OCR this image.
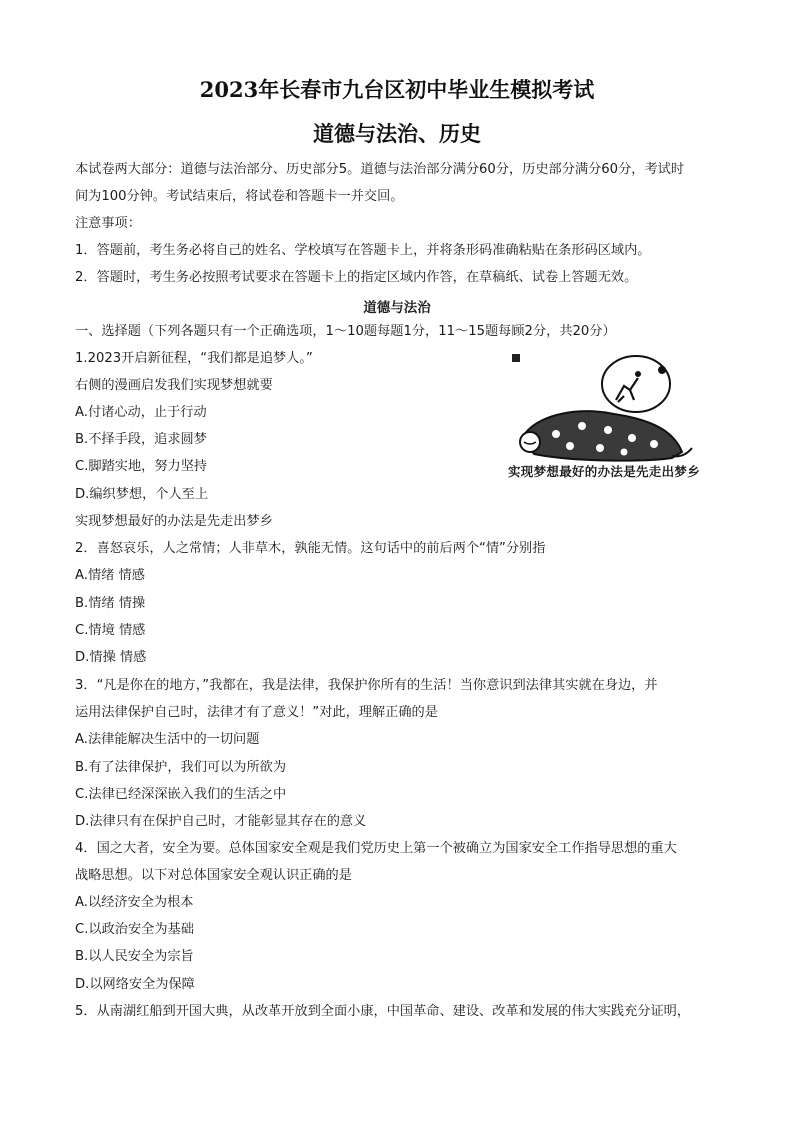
2023年长春市九台区初中毕业生模拟考试
道德与法治、历史
本试卷两大部分：道德与法治部分、历史部分5。道德与法治部分满分60分，历史部分满分60分，考试时
间为100分钟。考试结束后，将试卷和答题卡一并交回。
注意事项：
1．答题前，考生务必将自己的姓名、学校填写在答题卡上，并将条形码准确粘贴在条形码区域内。
2．答题时，考生务必按照考试要求在答题卡上的指定区域内作答，在草稿纸、试卷上答题无效。
道德与法治
一、选择题（下列各题只有一个正确选项，1～10题每题1分，11～15题每顾2分，共20分）
1.2023开启新征程，“我们都是追梦人。”
右侧的漫画启发我们实现梦想就要
A.付诸心动，止于行动
B.不择手段，追求圆梦
C.脚踏实地，努力坚持
D.编织梦想，个人至上
实现梦想最好的办法是先走出梦乡
实现梦想最好的办法是先走出梦乡
2．喜怒哀乐，人之常情；人非草木，孰能无情。这句话中的前后两个“情”分别指
A.情绪 情感
B.情绪 情操
C.情境 情感
D.情操 情感
3．“凡是你在的地方，”我都在，我是法律，我保护你所有的生活！当你意识到法律其实就在身边，并
运用法律保护自己时，法律才有了意义！”对此，理解正确的是
A.法律能解决生活中的一切问题
B.有了法律保护，我们可以为所欲为
C.法律已经深深嵌入我们的生活之中
D.法律只有在保护自己时，才能彰显其存在的意义
4．国之大者，安全为要。总体国家安全观是我们党历史上第一个被确立为国家安全工作指导思想的重大
战略思想。以下对总体国家安全观认识正确的是
A.以经济安全为根本
C.以政治安全为基础
B.以人民安全为宗旨
D.以网络安全为保障
5．从南湖红船到开国大典，从改革开放到全面小康，中国革命、建设、改革和发展的伟大实践充分证明，
